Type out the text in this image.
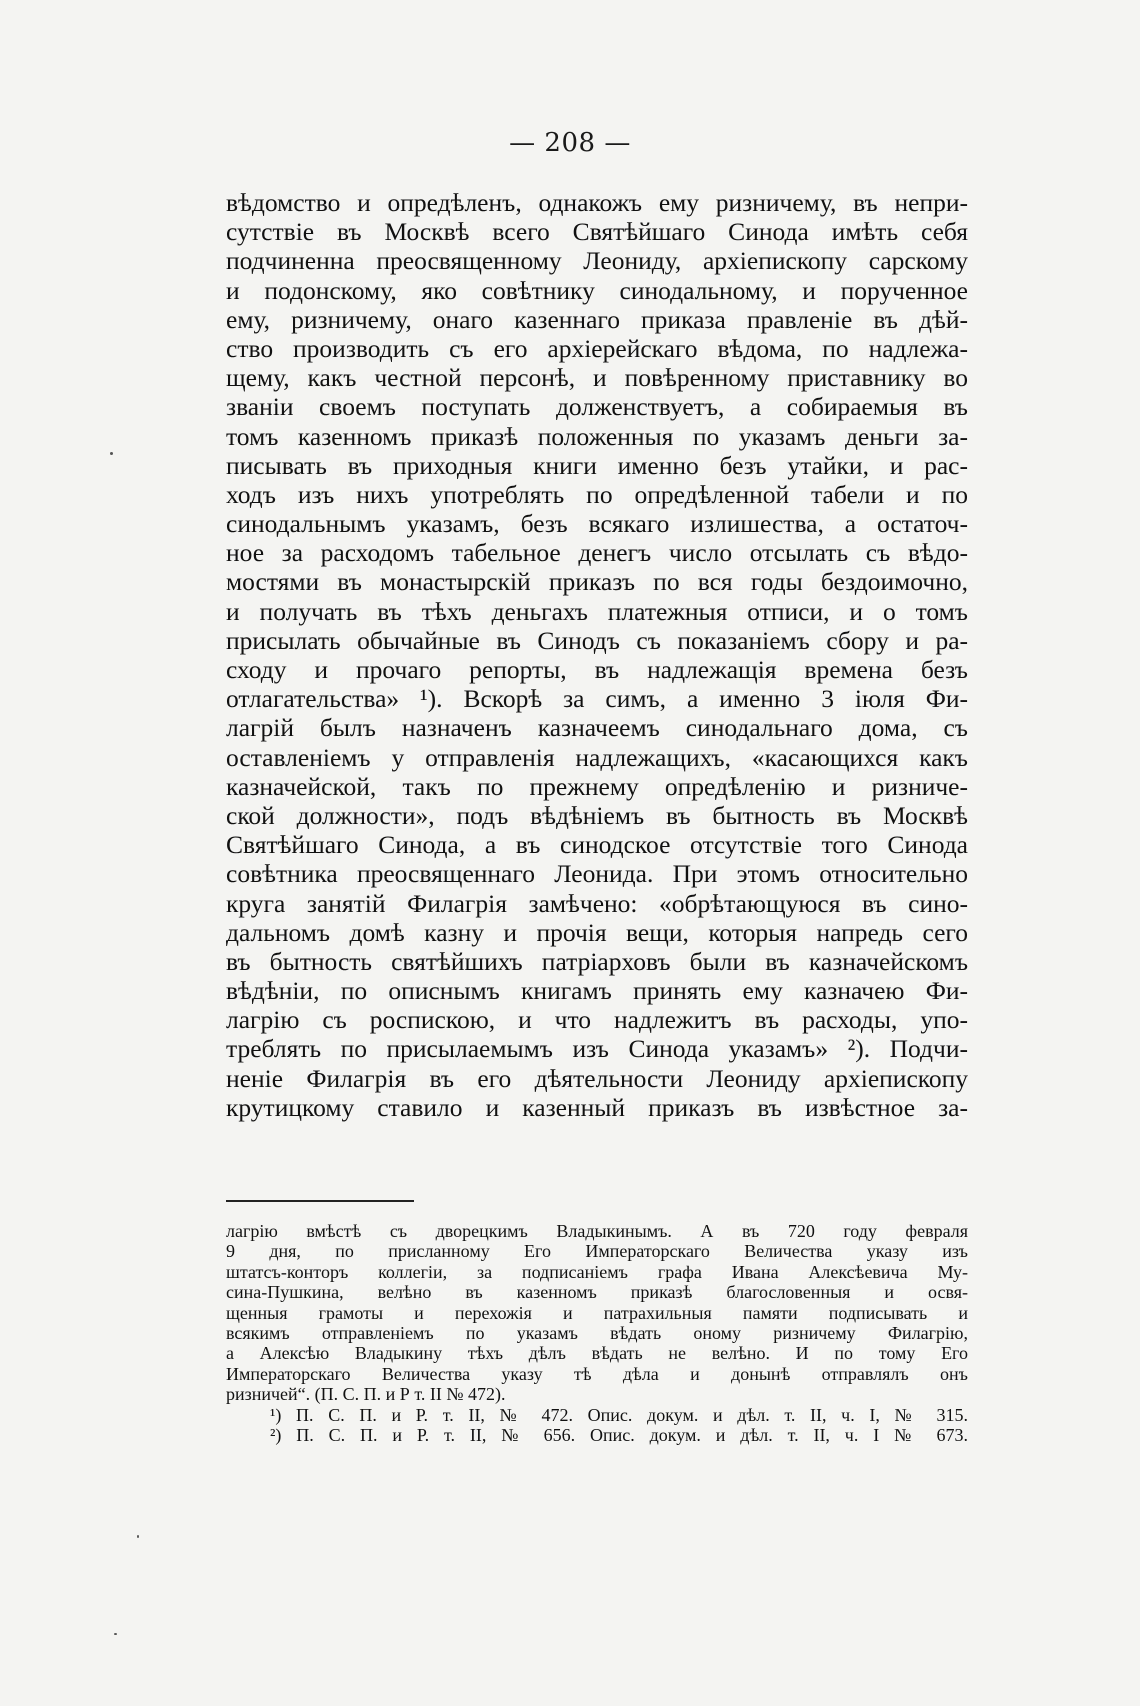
— 208 —
вѣдомство и опредѣленъ, однакожъ ему ризничему, въ непри-
сутствіе въ Москвѣ всего Святѣйшаго Синода имѣть себя
подчиненна преосвященному Леониду, архіепископу сарскому
и подонскому, яко совѣтнику синодальному, и порученное
ему, ризничему, онаго казеннаго приказа правленіе въ дѣй-
ство производить съ его архіерейскаго вѣдома, по надлежа-
щему, какъ честной персонѣ, и повѣренному приставнику во
званіи своемъ поступать долженствуетъ, а собираемыя въ
томъ казенномъ приказѣ положенныя по указамъ деньги за-
писывать въ приходныя книги именно безъ утайки, и рас-
ходъ изъ нихъ употреблять по опредѣленной табели и по
синодальнымъ указамъ, безъ всякаго излишества, а остаточ-
ное за расходомъ табельное денегъ число отсылать съ вѣдо-
мостями въ монастырскій приказъ по вся годы бездоимочно,
и получать въ тѣхъ деньгахъ платежныя отписи, и о томъ
присылать обычайные въ Синодъ съ показаніемъ сбору и ра-
сходу и прочаго репорты, въ надлежащія времена безъ
отлагательства» ¹). Вскорѣ за симъ, а именно 3 іюля Фи-
лагрій былъ назначенъ казначеемъ синодальнаго дома, съ
оставленіемъ у отправленія надлежащихъ, «касающихся какъ
казначейской, такъ по прежнему опредѣленію и ризниче-
ской должности», подъ вѣдѣніемъ въ бытность въ Москвѣ
Святѣйшаго Синода, а въ синодское отсутствіе того Синода
совѣтника преосвященнаго Леонида. При этомъ относительно
круга занятій Филагрія замѣчено: «обрѣтающуюся въ сино-
дальномъ домѣ казну и прочія вещи, которыя напредь сего
въ бытность святѣйшихъ патріарховъ были въ казначейскомъ
вѣдѣніи, по описнымъ книгамъ принять ему казначею Фи-
лагрію съ роспискою, и что надлежитъ въ расходы, упо-
треблять по присылаемымъ изъ Синода указамъ» ²). Подчи-
неніе Филагрія въ его дѣятельности Леониду архіепископу
крутицкому ставило и казенный приказъ въ извѣстное за-
лагрію вмѣстѣ съ дворецкимъ Владыкинымъ. А въ 720 году февраля
9 дня, по присланному Его Императорскаго Величества указу изъ
штатсъ-конторъ коллегіи, за подписаніемъ графа Ивана Алексѣевича Му-
сина-Пушкина, велѣно въ казенномъ приказѣ благословенныя и освя-
щенныя грамоты и перехожія и патрахильныя памяти подписывать и
всякимъ отправленіемъ по указамъ вѣдать оному ризничему Филагрію,
а Алексѣю Владыкину тѣхъ дѣлъ вѣдать не велѣно. И по тому Его
Императорскаго Величества указу тѣ дѣла и донынѣ отправлялъ онъ
ризничей“. (П. С. П. и Р т. II № 472).
¹) П. С. П. и Р. т. II, № 472. Опис. докум. и дѣл. т. II, ч. I, № 315.
²) П. С. П. и Р. т. II, № 656. Опис. докум. и дѣл. т. II, ч. I № 673.
